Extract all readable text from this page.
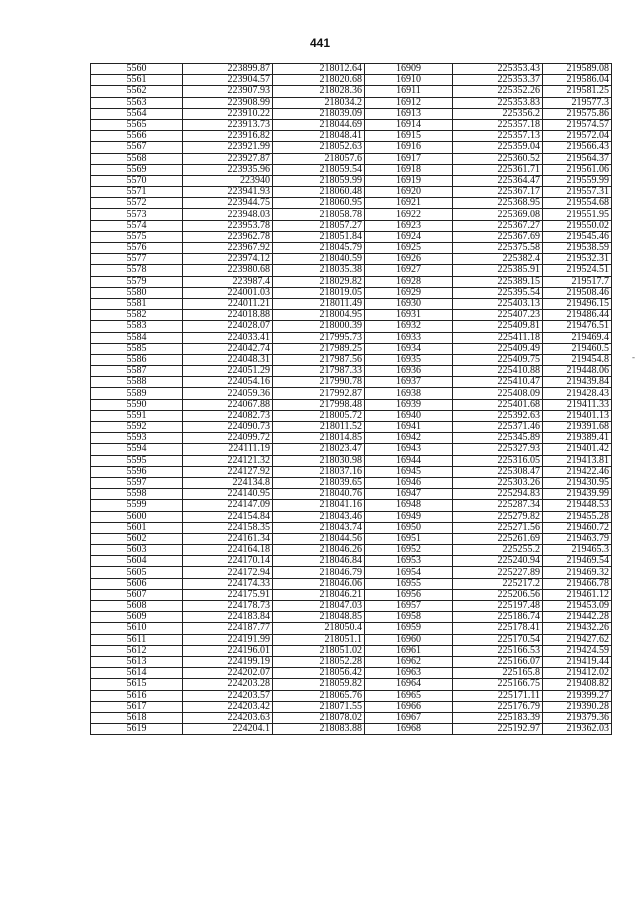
441
5560	223899.87	218012.64	16909	225353.43	219589.08
5561	223904.57	218020.68	16910	225353.37	219586.04
5562	223907.93	218028.36	16911	225352.26	219581.25
5563	223908.99	218034.2	16912	225353.83	219577.3
5564	223910.22	218039.09	16913	225356.2	219575.86
5565	223913.73	218044.69	16914	225357.18	219574.57
5566	223916.82	218048.41	16915	225357.13	219572.04
5567	223921.99	218052.63	16916	225359.04	219566.43
5568	223927.87	218057.6	16917	225360.52	219564.37
5569	223935.96	218059.54	16918	225361.71	219561.06
5570	223940	218059.99	16919	225364.47	219559.99
5571	223941.93	218060.48	16920	225367.17	219557.31
5572	223944.75	218060.95	16921	225368.95	219554.68
5573	223948.03	218058.78	16922	225369.08	219551.95
5574	223953.78	218057.27	16923	225367.27	219550.02
5575	223962.78	218051.84	16924	225367.69	219545.46
5576	223967.92	218045.79	16925	225375.58	219538.59
5577	223974.12	218040.59	16926	225382.4	219532.31
5578	223980.68	218035.38	16927	225385.91	219524.51
5579	223987.4	218029.82	16928	225389.15	219517.7
5580	224001.03	218019.05	16929	225395.54	219508.46
5581	224011.21	218011.49	16930	225403.13	219496.15
5582	224018.88	218004.95	16931	225407.23	219486.44
5583	224028.07	218000.39	16932	225409.81	219476.51
5584	224033.41	217995.73	16933	225411.18	219469.4
5585	224042.74	217989.25	16934	225409.49	219460.5
5586	224048.31	217987.56	16935	225409.75	219454.8
5587	224051.29	217987.33	16936	225410.88	219448.06
5588	224054.16	217990.78	16937	225410.47	219439.84
5589	224059.36	217992.87	16938	225408.09	219428.43
5590	224067.88	217998.48	16939	225401.68	219411.33
5591	224082.73	218005.72	16940	225392.63	219401.13
5592	224090.73	218011.52	16941	225371.46	219391.68
5593	224099.72	218014.85	16942	225345.89	219389.41
5594	224111.19	218023.47	16943	225327.93	219401.42
5595	224121.32	218030.98	16944	225316.05	219413.81
5596	224127.92	218037.16	16945	225308.47	219422.46
5597	224134.8	218039.65	16946	225303.26	219430.95
5598	224140.95	218040.76	16947	225294.83	219439.99
5599	224147.09	218041.16	16948	225287.34	219448.53
5600	224154.84	218043.46	16949	225279.82	219455.28
5601	224158.35	218043.74	16950	225271.56	219460.72
5602	224161.34	218044.56	16951	225261.69	219463.79
5603	224164.18	218046.26	16952	225255.2	219465.3
5604	224170.14	218046.84	16953	225240.94	219469.54
5605	224172.94	218046.79	16954	225227.89	219469.32
5606	224174.33	218046.06	16955	225217.2	219466.78
5607	224175.91	218046.21	16956	225206.56	219461.12
5608	224178.73	218047.03	16957	225197.48	219453.09
5609	224183.84	218048.85	16958	225186.74	219442.28
5610	224187.77	218050.4	16959	225178.41	219432.26
5611	224191.99	218051.1	16960	225170.54	219427.62
5612	224196.01	218051.02	16961	225166.53	219424.59
5613	224199.19	218052.28	16962	225166.07	219419.44
5614	224202.07	218056.42	16963	225165.8	219412.02
5615	224203.28	218059.82	16964	225166.75	219408.82
5616	224203.57	218065.76	16965	225171.11	219399.27
5617	224203.42	218071.55	16966	225176.79	219390.28
5618	224203.63	218078.02	16967	225183.39	219379.36
5619	224204.1	218083.88	16968	225192.97	219362.03
-
